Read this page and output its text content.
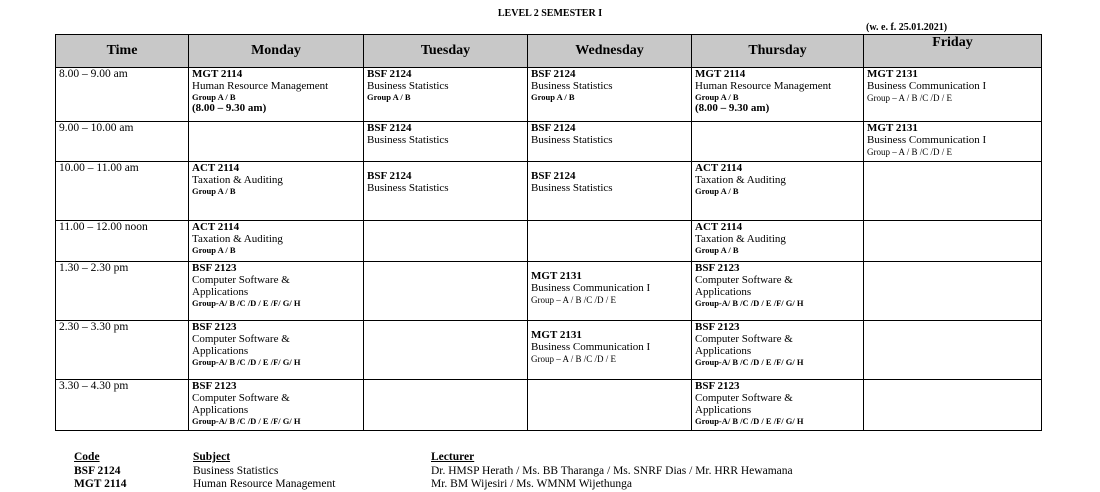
LEVEL 2 SEMESTER I
(w. e. f. 25.01.2021)
Time	Monday	Tuesday	Wednesday	Thursday	Friday
8.00 – 9.00 am	MGT 2114
Human Resource Management
Group A / B
(8.00 – 9.30 am)	BSF 2124
Business Statistics
Group A / B	BSF 2124
Business Statistics
Group A / B	MGT 2114
Human Resource Management
Group A / B
(8.00 – 9.30 am)	MGT 2131
Business Communication I
Group – A / B /C /D / E

9.00 – 10.00 am		BSF 2124
Business Statistics	BSF 2124
Business Statistics		MGT 2131
Business Communication I
Group – A / B /C /D / E

10.00 – 11.00 am	ACT 2114
Taxation & Auditing
Group A / B	BSF 2124
Business Statistics	BSF 2124
Business Statistics	ACT 2114
Taxation & Auditing
Group A / B	

11.00 – 12.00 noon	ACT 2114
Taxation & Auditing
Group A / B			ACT 2114
Taxation & Auditing
Group A / B	

1.30 – 2.30 pm	BSF 2123
Computer Software &
Applications
Group-A/ B /C /D / E /F/ G/ H		MGT 2131
Business Communication I
Group – A / B /C /D / E	BSF 2123
Computer Software &
Applications
Group-A/ B /C /D / E /F/ G/ H	

2.30 – 3.30 pm	BSF 2123
Computer Software &
Applications
Group-A/ B /C /D / E /F/ G/ H		MGT 2131
Business Communication I
Group – A / B /C /D / E	BSF 2123
Computer Software &
Applications
Group-A/ B /C /D / E /F/ G/ H	

3.30 – 4.30 pm	BSF 2123
Computer Software &
Applications
Group-A/ B /C /D / E /F/ G/ H			BSF 2123
Computer Software &
Applications
Group-A/ B /C /D / E /F/ G/ H	

Code	Subject	Lecturer
BSF 2124	Business Statistics	Dr. HMSP Herath / Ms. BB Tharanga / Ms. SNRF Dias / Mr. HRR Hewamana
MGT 2114	Human Resource Management	Mr. BM Wijesiri / Ms. WMNM Wijethunga
